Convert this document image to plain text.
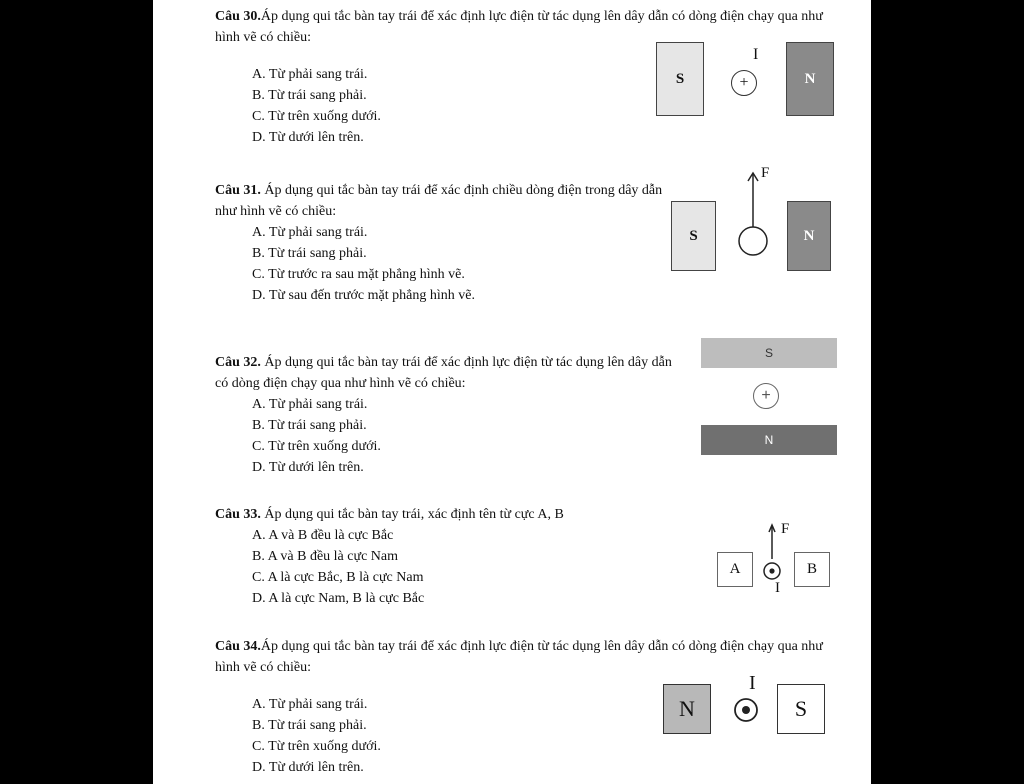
Câu 30.Áp dụng qui tắc bàn tay trái để xác định lực điện từ tác dụng lên dây dẫn có dòng điện chạy qua như hình vẽ có chiều:

A. Từ phải sang trái.

B. Từ trái sang phải.

C. Từ trên xuống dưới.

D. Từ dưới lên trên.

S
I
+	N

Câu 31. Áp dụng qui tắc bàn tay trái để xác định chiều dòng điện trong dây dẫn như hình vẽ có chiều:

A. Từ phải sang trái.

B. Từ trái sang phải.

C. Từ trước ra sau mặt phẳng hình vẽ.

D. Từ sau đến trước mặt phẳng hình vẽ.

S
F
N

Câu 32. Áp dụng qui tắc bàn tay trái để xác định lực điện từ tác dụng lên dây dẫn có dòng điện chạy qua như hình vẽ có chiều:

A. Từ phải sang trái.

B. Từ trái sang phải.

C. Từ trên xuống dưới.

D. Từ dưới lên trên.

S
+
N

Câu 33. Áp dụng qui tắc bàn tay trái, xác định tên từ cực A, B

A. A và B đều là cực Bắc

B. A và B đều là cực Nam

C. A là cực Bắc, B là cực Nam

D. A là cực Nam, B là cực Bắc

A
F
I
B

Câu 34.Áp dụng qui tắc bàn tay trái để xác định lực điện từ tác dụng lên dây dẫn có dòng điện chạy qua như hình vẽ có chiều:

A. Từ phải sang trái.

B. Từ trái sang phải.

C. Từ trên xuống dưới.

D. Từ dưới lên trên.

N
I
S
